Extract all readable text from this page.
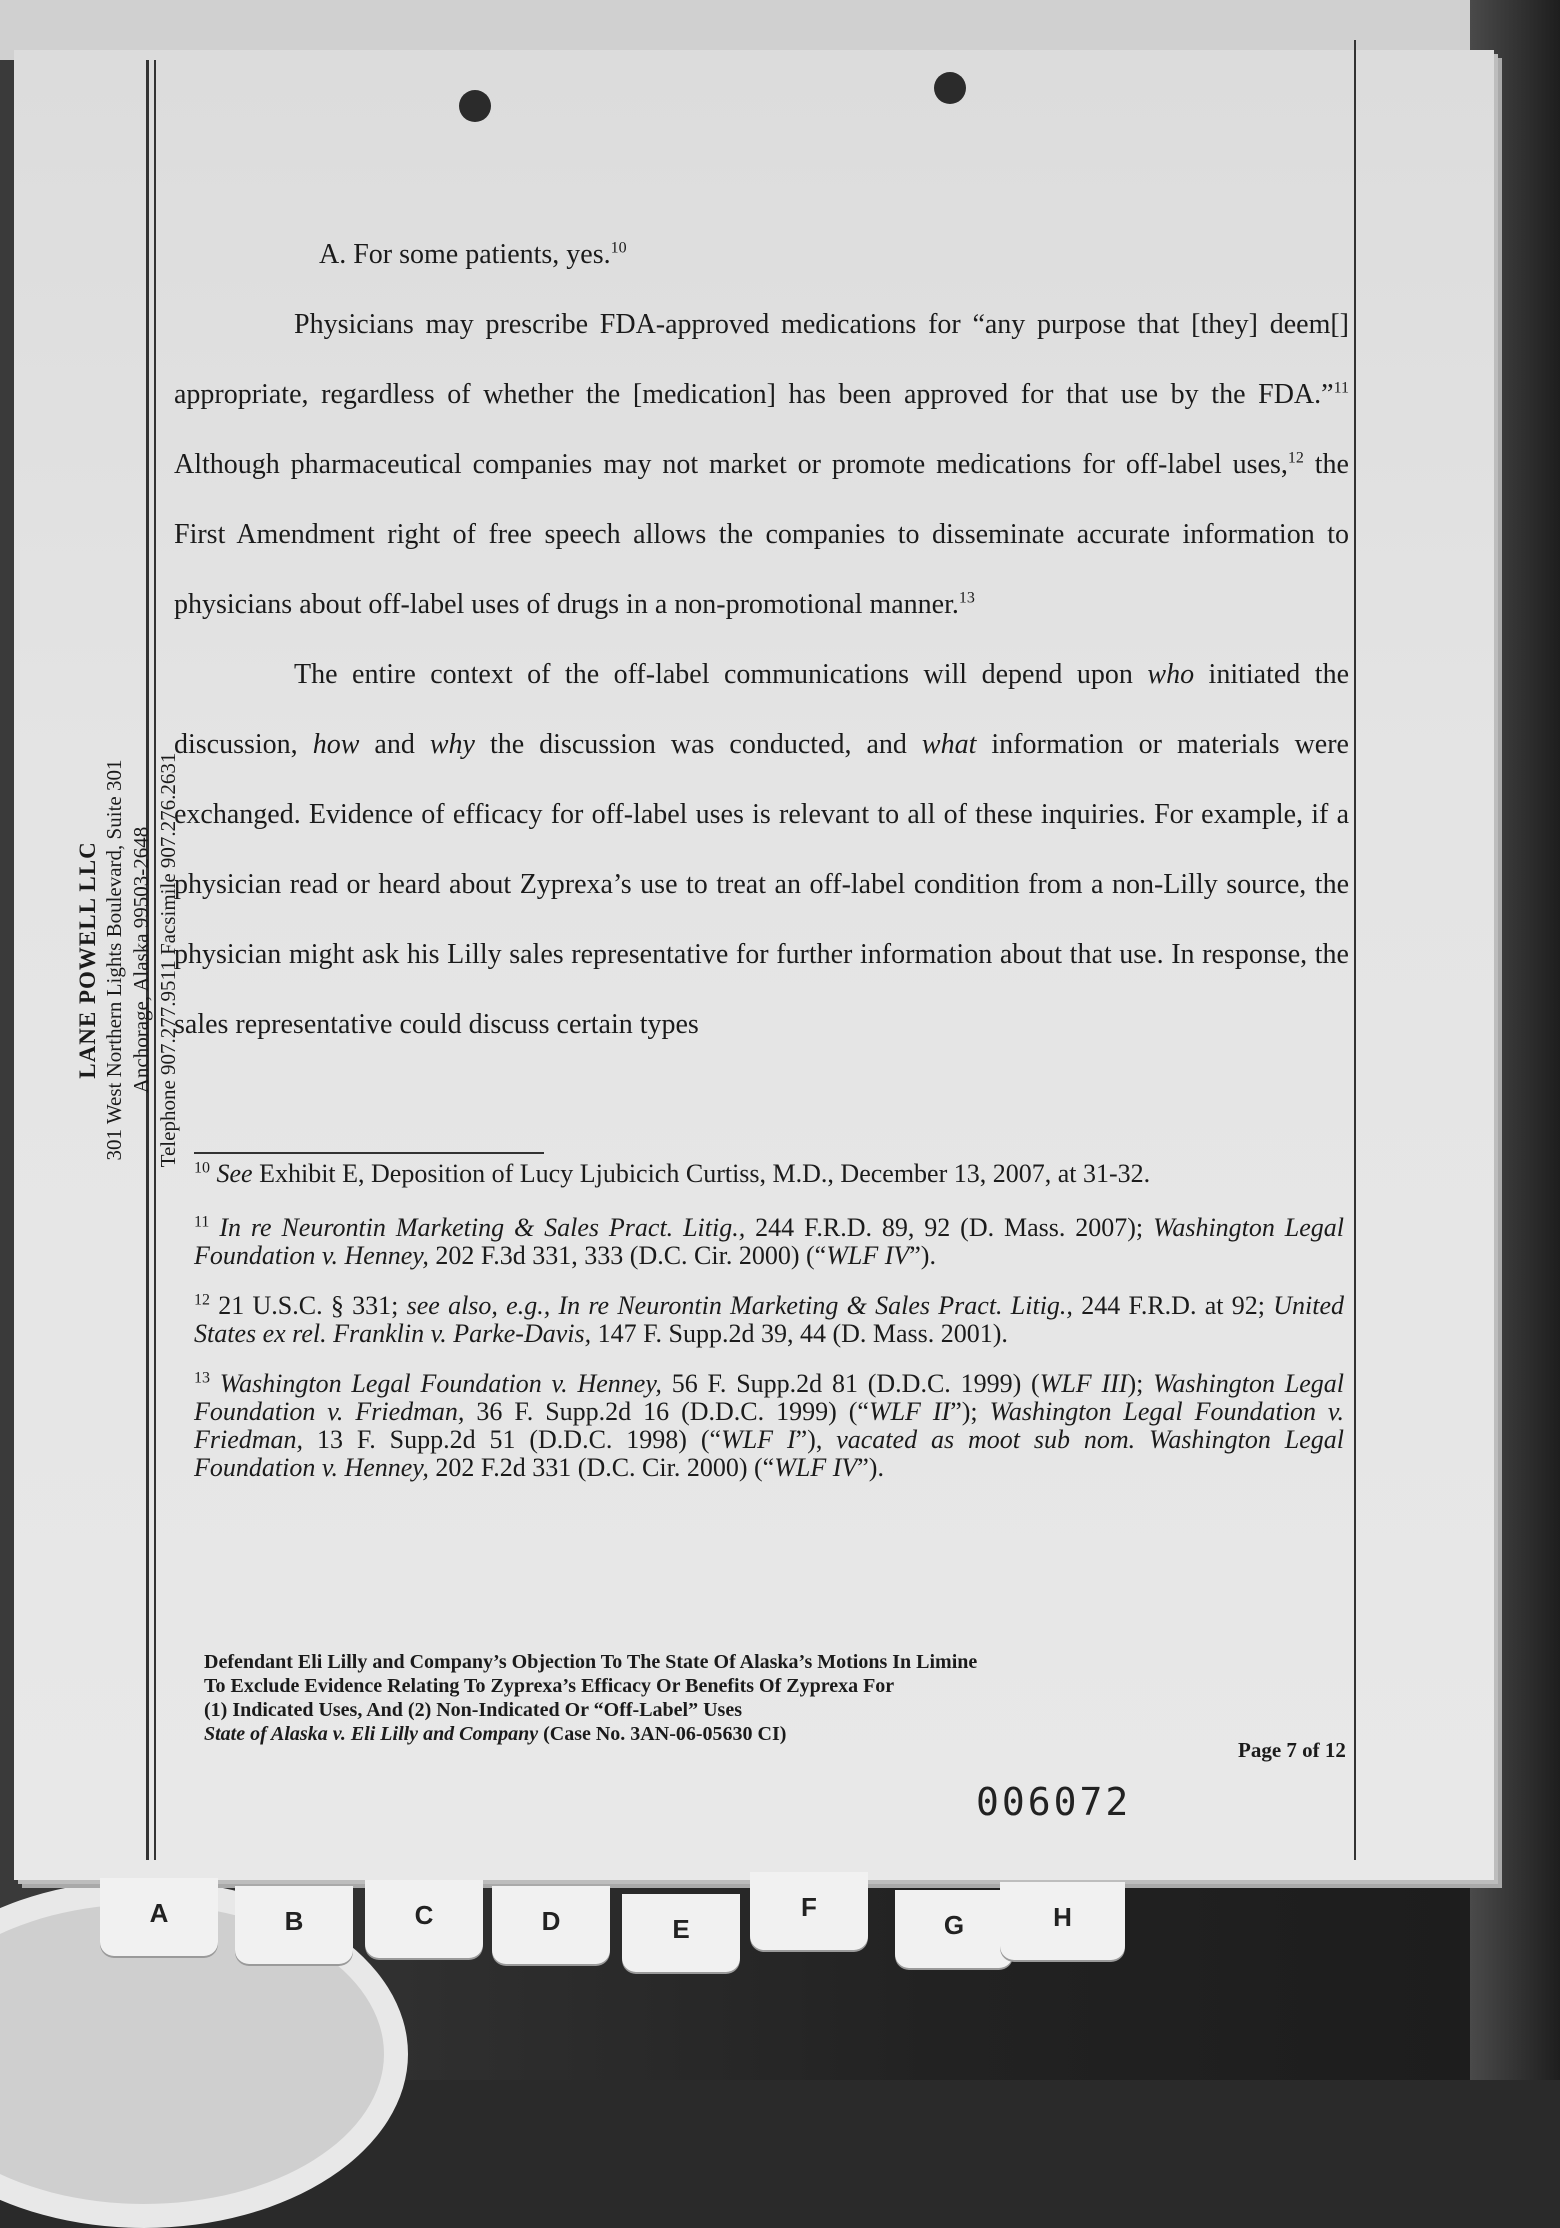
LANE POWELL LLC 301 West Northern Lights Boulevard, Suite 301 Anchorage, Alaska 99503-2648 Telephone 907.277.9511 Facsimile 907.276.2631

A. For some patients, yes.$^{10}$

Physicians may prescribe FDA-approved medications for “any purpose that [they] deem[] appropriate, regardless of whether the [medication] has been approved for that use by the FDA.”$^{11}$ Although pharmaceutical companies may not market or promote medications for off-label uses,$^{12}$ the First Amendment right of free speech allows the companies to disseminate accurate information to physicians about off-label uses of drugs in a non-promotional manner.$^{13}$

The entire context of the off-label communications will depend upon who initiated the discussion, how and why the discussion was conducted, and what information or materials were exchanged. Evidence of efficacy for off-label uses is relevant to all of these inquiries. For example, if a physician read or heard about Zyprexa’s use to treat an off-label condition from a non-Lilly source, the physician might ask his Lilly sales representative for further information about that use. In response, the sales representative could discuss certain types

$^{10}$ See Exhibit E, Deposition of Lucy Ljubicich Curtiss, M.D., December 13, 2007, at 31-32.

$^{11}$ In re Neurontin Marketing & Sales Pract. Litig., 244 F.R.D. 89, 92 (D. Mass. 2007); Washington Legal Foundation v. Henney, 202 F.3d 331, 333 (D.C. Cir. 2000) (“WLF IV”).

$^{12}$ 21 U.S.C. § 331; see also, e.g., In re Neurontin Marketing & Sales Pract. Litig., 244 F.R.D. at 92; United States ex rel. Franklin v. Parke-Davis, 147 F. Supp.2d 39, 44 (D. Mass. 2001).

$^{13}$ Washington Legal Foundation v. Henney, 56 F. Supp.2d 81 (D.D.C. 1999) (WLF III); Washington Legal Foundation v. Friedman, 36 F. Supp.2d 16 (D.D.C. 1999) (“WLF II”); Washington Legal Foundation v. Friedman, 13 F. Supp.2d 51 (D.D.C. 1998) (“WLF I”), vacated as moot sub nom. Washington Legal Foundation v. Henney, 202 F.2d 331 (D.C. Cir. 2000) (“WLF IV”).

Defendant Eli Lilly and Company’s Objection To The State Of Alaska’s Motions In Limine
To Exclude Evidence Relating To Zyprexa’s Efficacy Or Benefits Of Zyprexa For
(1) Indicated Uses, And (2) Non-Indicated Or “Off-Label” Uses
State of Alaska v. Eli Lilly and Company (Case No. 3AN-06-05630 CI)
Page 7 of 12
006072
A	B	C	D	E
F
G	H
